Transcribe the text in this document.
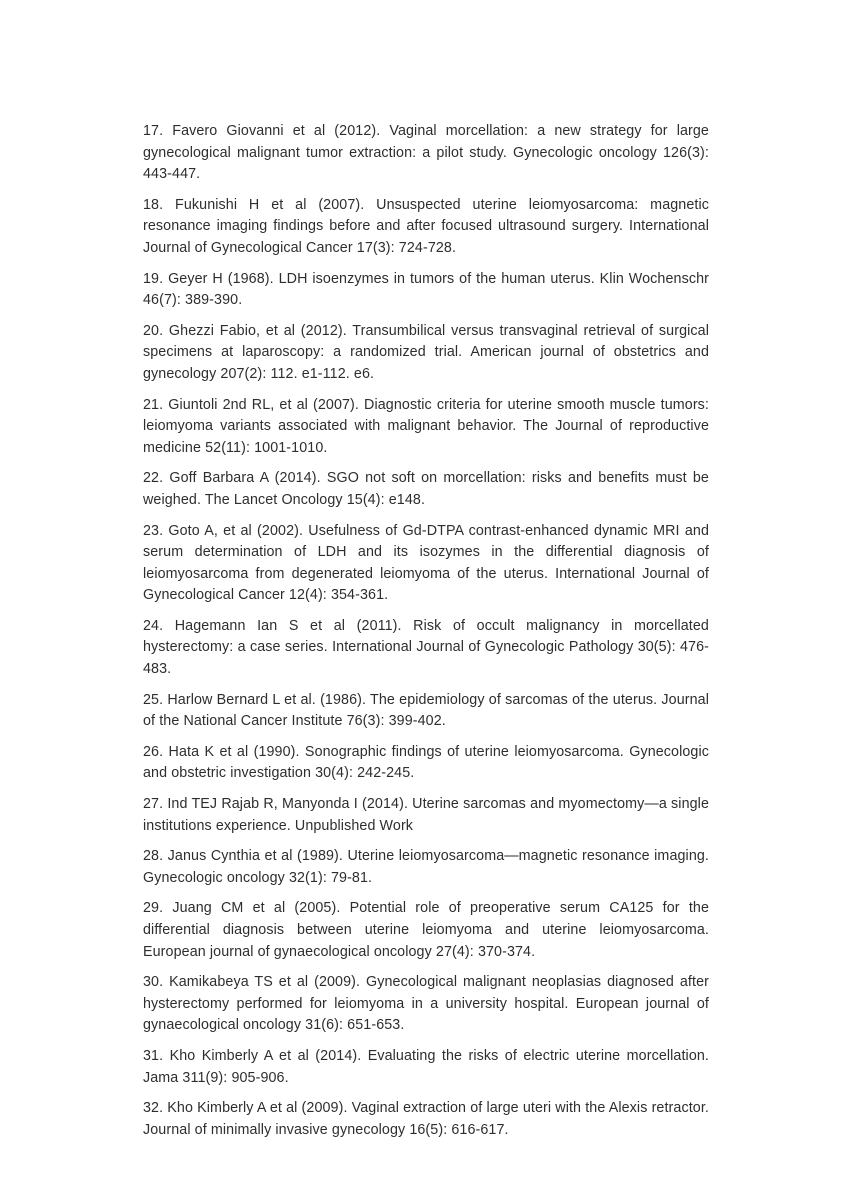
17. Favero Giovanni et al (2012). Vaginal morcellation: a new strategy for large gynecological malignant tumor extraction: a pilot study. Gynecologic oncology 126(3): 443-447.

18. Fukunishi H et al (2007). Unsuspected uterine leiomyosarcoma: magnetic resonance imaging findings before and after focused ultrasound surgery. International Journal of Gynecological Cancer 17(3): 724-728.

19. Geyer H (1968). LDH isoenzymes in tumors of the human uterus. Klin Wochenschr 46(7): 389-390.

20. Ghezzi Fabio, et al (2012). Transumbilical versus transvaginal retrieval of surgical specimens at laparoscopy: a randomized trial. American journal of obstetrics and gynecology 207(2): 112. e1-112. e6.

21. Giuntoli 2nd RL, et al (2007). Diagnostic criteria for uterine smooth muscle tumors: leiomyoma variants associated with malignant behavior. The Journal of reproductive medicine 52(11): 1001-1010.

22. Goff Barbara A (2014). SGO not soft on morcellation: risks and benefits must be weighed. The Lancet Oncology 15(4): e148.

23. Goto A, et al (2002). Usefulness of Gd-DTPA contrast-enhanced dynamic MRI and serum determination of LDH and its isozymes in the differential diagnosis of leiomyosarcoma from degenerated leiomyoma of the uterus. International Journal of Gynecological Cancer 12(4): 354-361.

24. Hagemann Ian S et al (2011). Risk of occult malignancy in morcellated hysterectomy: a case series. International Journal of Gynecologic Pathology 30(5): 476-483.

25. Harlow Bernard L et al. (1986). The epidemiology of sarcomas of the uterus. Journal of the National Cancer Institute 76(3): 399-402.

26. Hata K et al (1990). Sonographic findings of uterine leiomyosarcoma. Gynecologic and obstetric investigation 30(4): 242-245.

27. Ind TEJ Rajab R, Manyonda I (2014). Uterine sarcomas and myomectomy—a single institutions experience. Unpublished Work

28. Janus Cynthia et al (1989). Uterine leiomyosarcoma—magnetic resonance imaging. Gynecologic oncology 32(1): 79-81.

29. Juang CM et al (2005). Potential role of preoperative serum CA125 for the differential diagnosis between uterine leiomyoma and uterine leiomyosarcoma. European journal of gynaecological oncology 27(4): 370-374.

30. Kamikabeya TS et al (2009). Gynecological malignant neoplasias diagnosed after hysterectomy performed for leiomyoma in a university hospital. European journal of gynaecological oncology 31(6): 651-653.

31. Kho Kimberly A et al (2014). Evaluating the risks of electric uterine morcellation. Jama 311(9): 905-906.

32. Kho Kimberly A et al (2009). Vaginal extraction of large uteri with the Alexis retractor. Journal of minimally invasive gynecology 16(5): 616-617.
